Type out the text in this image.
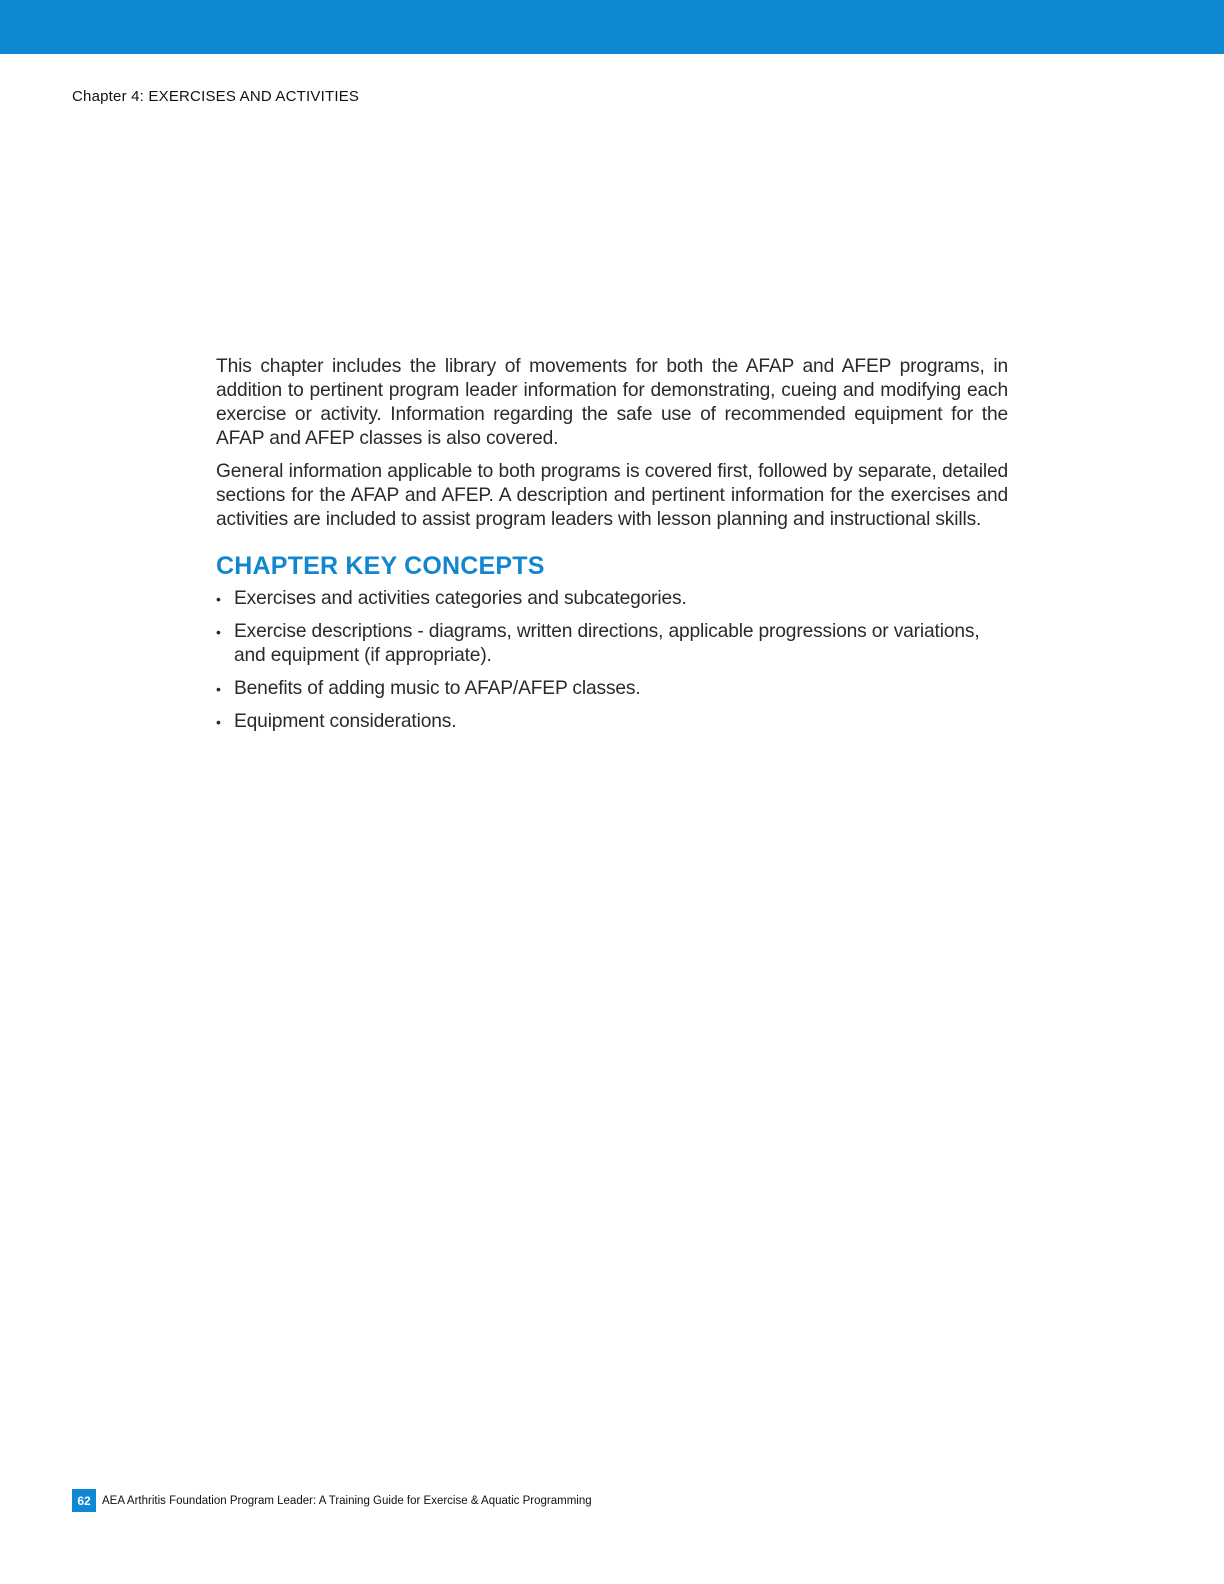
Chapter 4: EXERCISES AND ACTIVITIES

This chapter includes the library of movements for both the AFAP and AFEP programs, in addition to pertinent program leader information for demonstrating, cueing and modifying each exercise or activity. Information regarding the safe use of recommended equipment for the AFAP and AFEP classes is also covered.

General information applicable to both programs is covered first, followed by separate, detailed sections for the AFAP and AFEP. A description and pertinent information for the exercises and activities are included to assist program leaders with lesson planning and instructional skills.

CHAPTER KEY CONCEPTS
• Exercises and activities categories and subcategories.
• Exercise descriptions - diagrams, written directions, applicable progressions or variations, and equipment (if appropriate).
• Benefits of adding music to AFAP/AFEP classes.
• Equipment considerations.
62 AEA Arthritis Foundation Program Leader: A Training Guide for Exercise & Aquatic Programming
